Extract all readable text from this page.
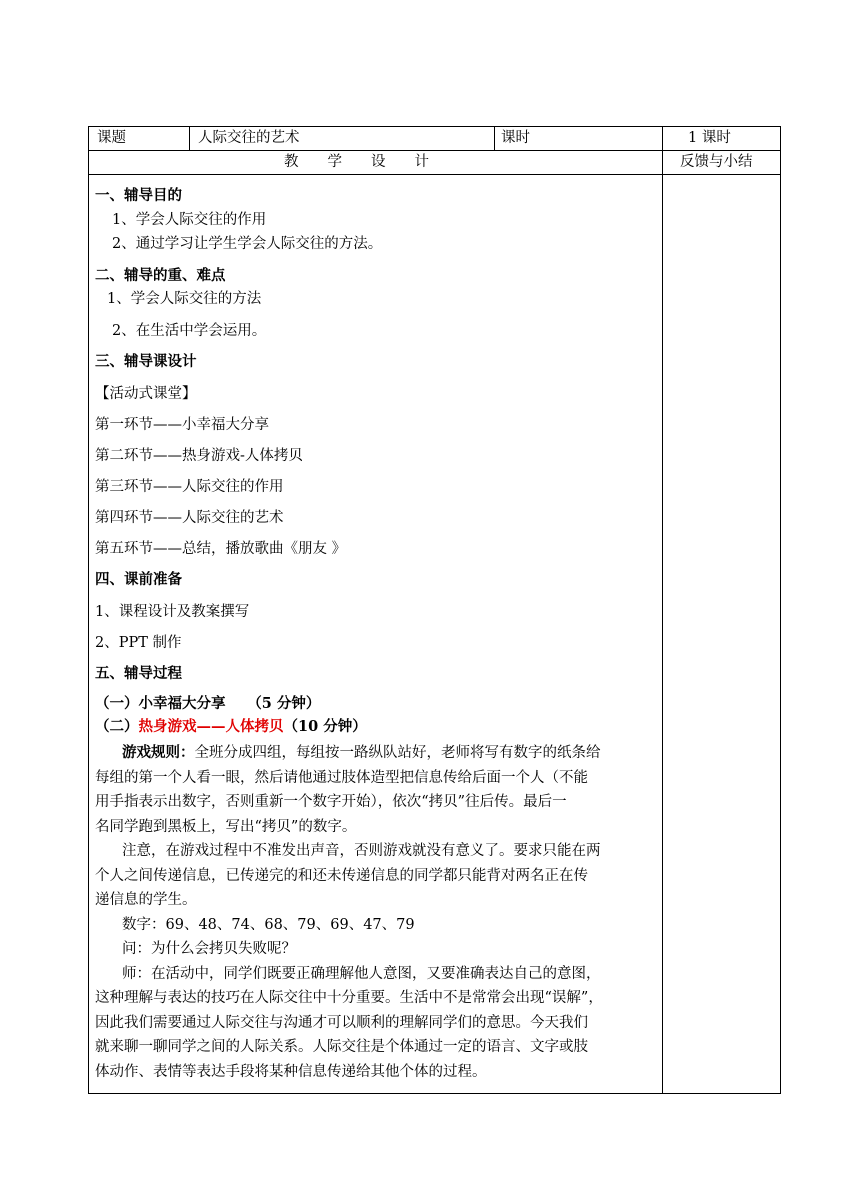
课题	人际交往的艺术	课时	1 课时
教　　学　　设　　计	反馈与小结
一、辅导目的
1、学会人际交往的作用
2、通过学习让学生学会人际交往的方法。
二、辅导的重、难点
1、学会人际交往的方法
2、在生活中学会运用。
三、辅导课设计
【活动式课堂】
第一环节——小幸福大分享
第二环节——热身游戏-人体拷贝
第三环节——人际交往的作用
第四环节——人际交往的艺术
第五环节——总结，播放歌曲《朋友 》
四、课前准备
1、课程设计及教案撰写
2、PPT 制作
五、辅导过程
（一）小幸福大分享　　（5 分钟）
（二）热身游戏——人体拷贝（10 分钟）
游戏规则：全班分成四组，每组按一路纵队站好，老师将写有数字的纸条给
每组的第一个人看一眼，然后请他通过肢体造型把信息传给后面一个人（不能
用手指表示出数字，否则重新一个数字开始），依次“拷贝”往后传。最后一
名同学跑到黑板上，写出“拷贝”的数字。
注意，在游戏过程中不准发出声音，否则游戏就没有意义了。要求只能在两
个人之间传递信息，已传递完的和还未传递信息的同学都只能背对两名正在传
递信息的学生。
数字：69、48、74、68、79、69、47、79
问：为什么会拷贝失败呢？
师：在活动中，同学们既要正确理解他人意图，又要准确表达自己的意图，
这种理解与表达的技巧在人际交往中十分重要。生活中不是常常会出现“误解”，
因此我们需要通过人际交往与沟通才可以顺利的理解同学们的意思。今天我们
就来聊一聊同学之间的人际关系。人际交往是个体通过一定的语言、文字或肢
体动作、表情等表达手段将某种信息传递给其他个体的过程。
